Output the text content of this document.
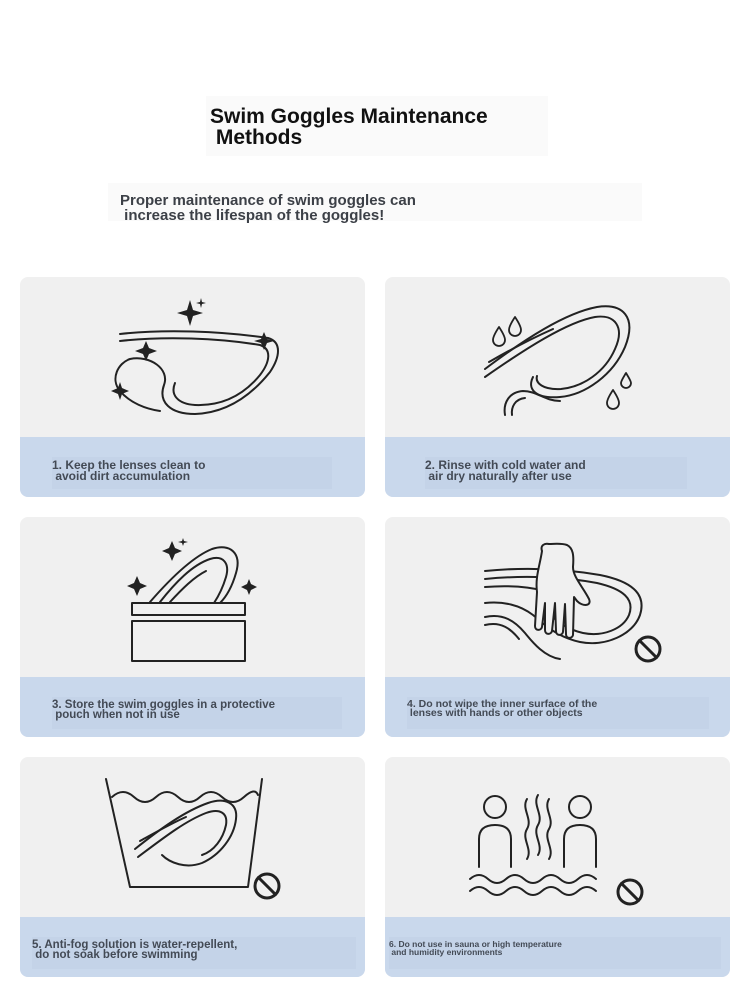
Swim Goggles Maintenance
Methods
Proper maintenance of swim goggles can
increase the lifespan of the goggles!
1. Keep the lenses clean to
avoid dirt accumulation
2. Rinse with cold water and
air dry naturally after use
3. Store the swim goggles in a protective
pouch when not in use
4. Do not wipe the inner surface of the
lenses with hands or other objects
5. Anti-fog solution is water-repellent,
do not soak before swimming
6. Do not use in sauna or high temperature
and humidity environments
